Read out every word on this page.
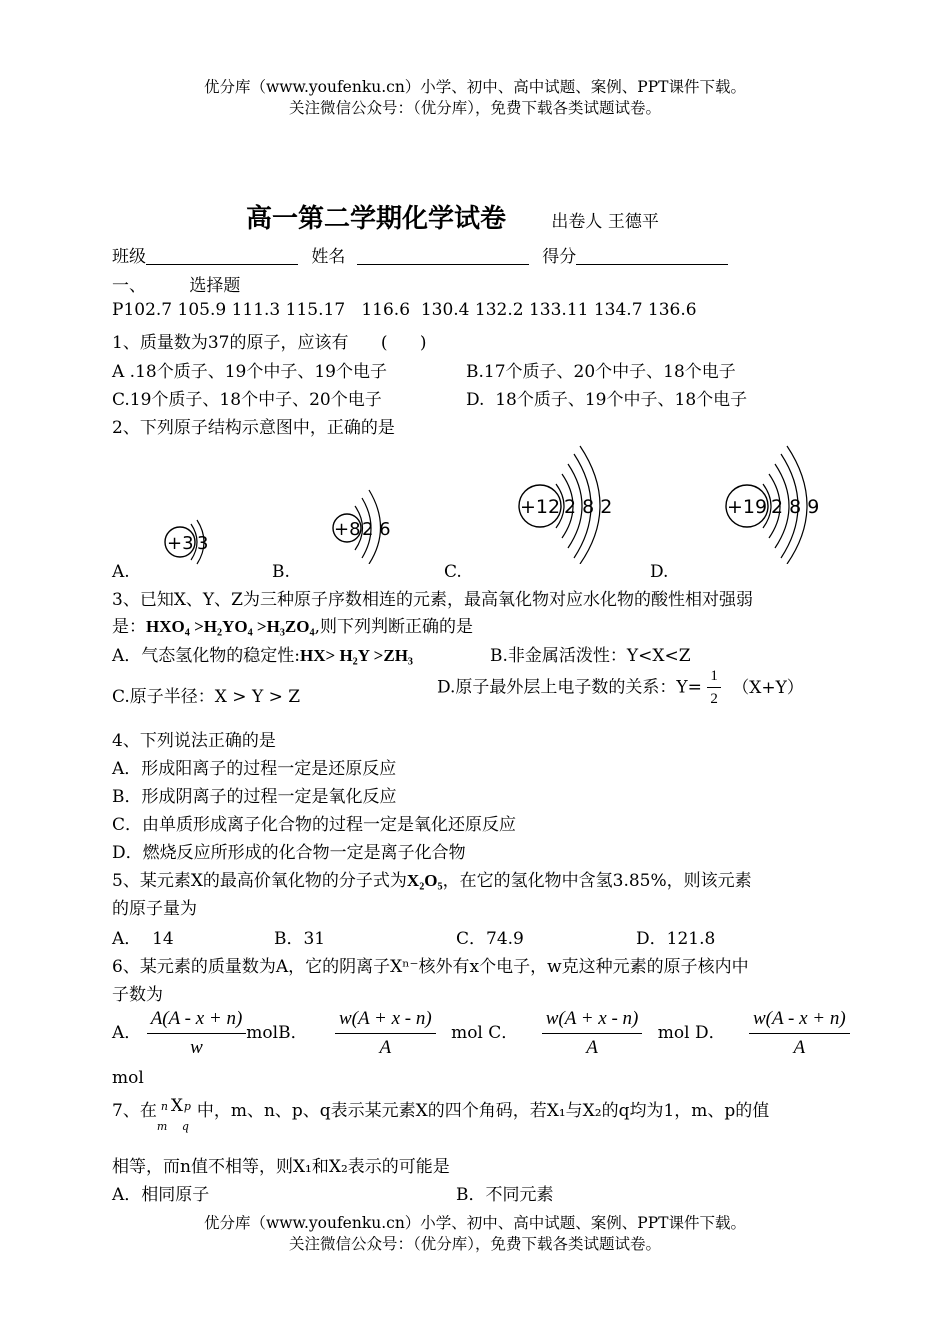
优分库（www.youfenku.cn）小学、初中、高中试题、案例、PPT课件下载。
关注微信公众号：（优分库），免费下载各类试题试卷。
高一第二学期化学试卷	出卷人 王德平
班级	姓名	得分
一、	选择题
P102.7 105.9 111.3 115.17   116.6  130.4 132.2 133.11 134.7 136.6
1、质量数为37的原子，应该有      (      )
A .18个质子、19个中子、19个电子	B.17个质子、20个中子、18个电子
C.19个质子、18个中子、20个电子	D.  18个质子、19个中子、18个电子
2、下列原子结构示意图中，正确的是
+3 3
+8 2 6
+12 2 8 2	+19 2 8 9
A.	B.	C.	D.
3、已知X、Y、Z为三种原子序数相连的元素，最高氧化物对应水化物的酸性相对强弱
是：HXO₄ >H₂YO₄ >H₃ZO₄,则下列判断正确的是
A．气态氢化物的稳定性:HX> H₂Y >ZH₃	B.非金属活泼性：Y<X<Z
C.原子半径：X > Y > Z	D.原子最外层上电子数的关系：$Y= \frac{1}{2} (X+Y)$
4、下列说法正确的是
A．形成阳离子的过程一定是还原反应
B．形成阴离子的过程一定是氧化反应
C．由单质形成离子化合物的过程一定是氧化还原反应
D．燃烧反应所形成的化合物一定是离子化合物
5、某元素X的最高价氧化物的分子式为X₂O₅，在它的氢化物中含氢3.85%，则该元素
的原子量为
A．  14	B．31	C．74.9	D．121.8
6、某元素的质量数为A，它的阴离子Xⁿ⁻核外有x个电子，w克这种元素的原子核内中
子数为
A． $\frac{A(A - x + n)}{w}$ molB． $\frac{w(A + x - n)}{A}$ mol C． $\frac{w(A + x - n)}{A}$ mol D． $\frac{w(A - x + n)}{A}$
mol
7、在 n X p
m q
中，m、n、p、q表示某元素X的四个角码，若X₁与X₂的q均为1，m、p的值
相等，而n值不相等，则X₁和X₂表示的可能是
A．相同原子	B．不同元素
优分库（www.youfenku.cn）小学、初中、高中试题、案例、PPT课件下载。
关注微信公众号：（优分库），免费下载各类试题试卷。
